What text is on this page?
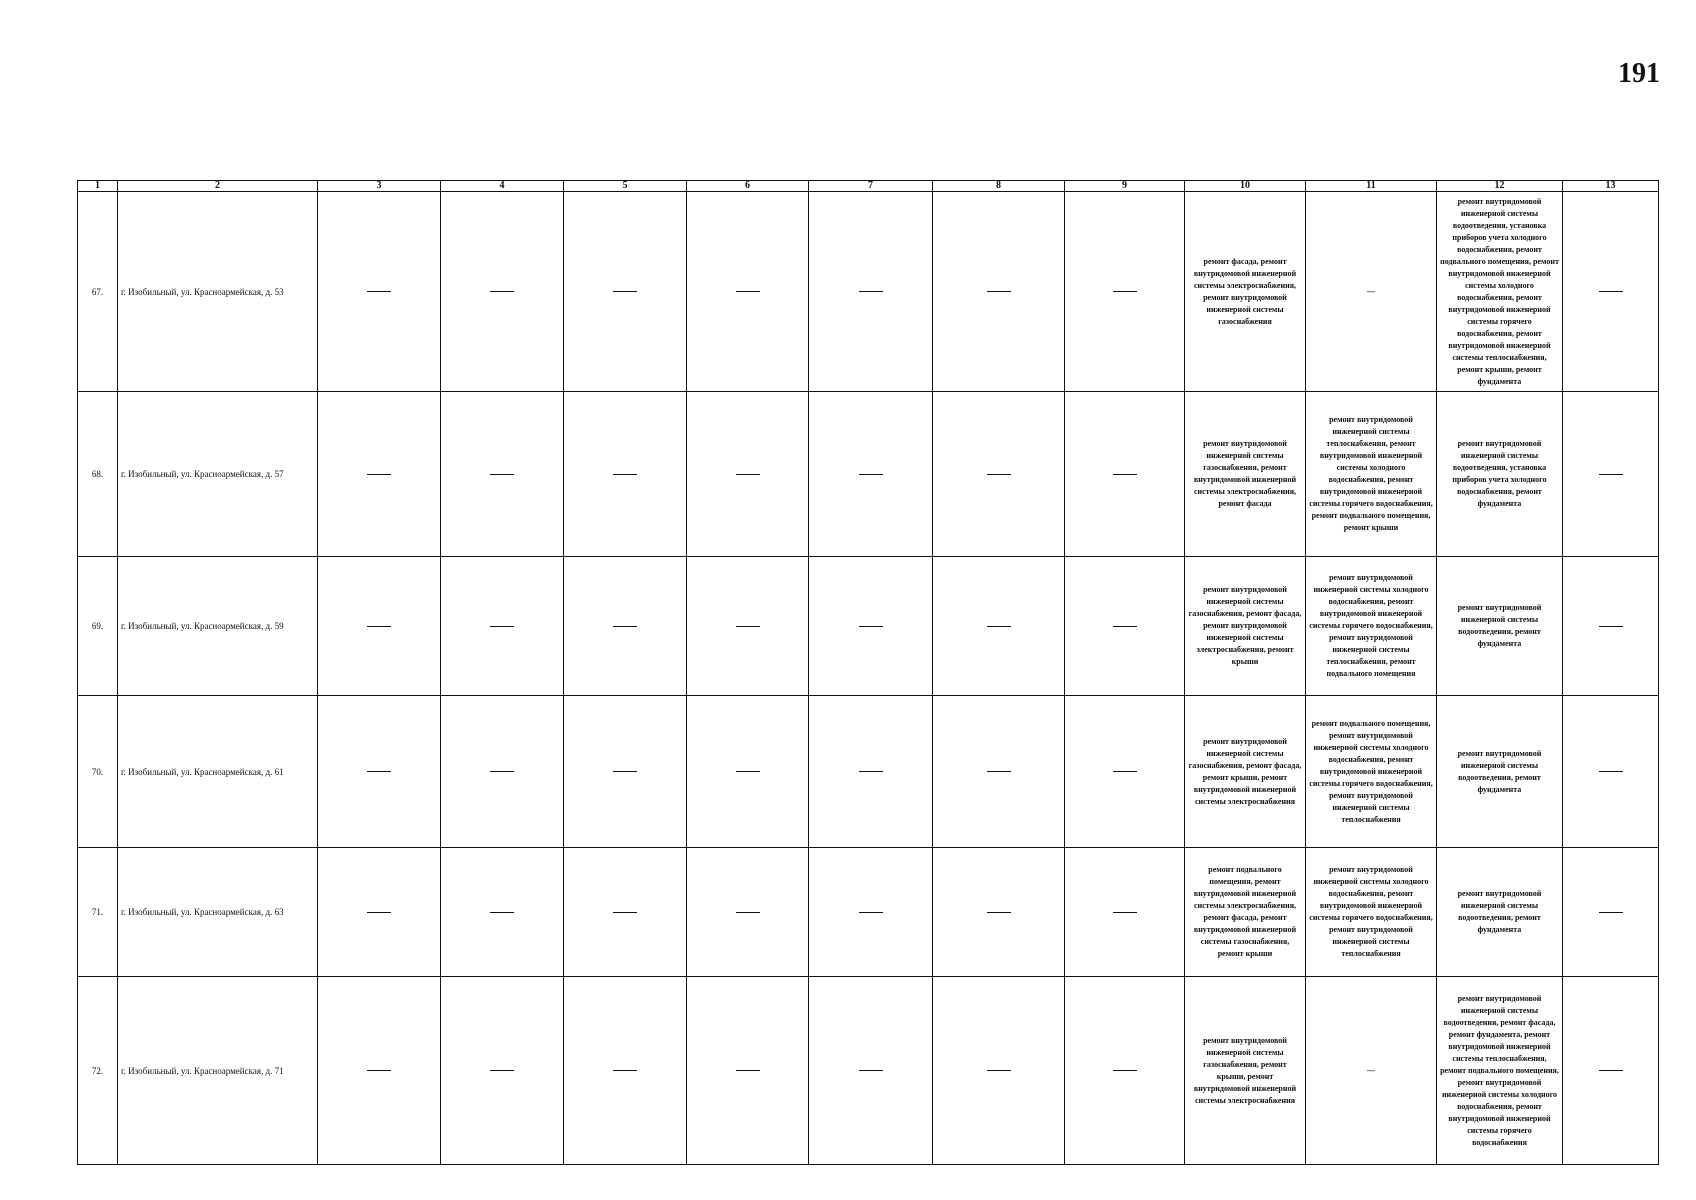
191
1	2	3	4	5	6	7	8	9	10	11	12	13
67.	г. Изобильный, ул. Красноармейская, д. 53								ремонт фасада, ремонт внутридомовой инженерной системы электроснабжения, ремонт внутридомовой инженерной системы газоснабжения	—	ремонт внутридомовой инженерной системы водоотведения, установка приборов учета холодного водоснабжения, ремонт подвального помещения, ремонт внутридомовой инженерной системы холодного водоснабжения, ремонт внутридомовой инженерной системы горячего водоснабжения, ремонт внутридомовой инженерной системы теплоснабжения, ремонт крыши, ремонт фундамента	
68.	г. Изобильный, ул. Красноармейская, д. 57								ремонт внутридомовой инженерной системы газоснабжения, ремонт внутридомовой инженерной системы электроснабжения, ремонт фасада	ремонт внутридомовой инженерной системы теплоснабжения, ремонт внутридомовой инженерной системы холодного водоснабжения, ремонт внутридомовой инженерной системы горячего водоснабжения, ремонт подвального помещения, ремонт крыши	ремонт внутридомовой инженерной системы водоотведения, установка приборов учета холодного водоснабжения, ремонт фундамента	
69.	г. Изобильный, ул. Красноармейская, д. 59								ремонт внутридомовой инженерной системы газоснабжения, ремонт фасада, ремонт внутридомовой инженерной системы электроснабжения, ремонт крыши	ремонт внутридомовой инженерной системы холодного водоснабжения, ремонт внутридомовой инженерной системы горячего водоснабжения, ремонт внутридомовой инженерной системы теплоснабжения, ремонт подвального помещения	ремонт внутридомовой инженерной системы водоотведения, ремонт фундамента	
70.	г. Изобильный, ул. Красноармейская, д. 61								ремонт внутридомовой инженерной системы газоснабжения, ремонт фасада, ремонт крыши, ремонт внутридомовой инженерной системы электроснабжения	ремонт подвального помещения, ремонт внутридомовой инженерной системы холодного водоснабжения, ремонт внутридомовой инженерной системы горячего водоснабжения, ремонт внутридомовой инженерной системы теплоснабжения	ремонт внутридомовой инженерной системы водоотведения, ремонт фундамента	
71.	г. Изобильный, ул. Красноармейская, д. 63								ремонт подвального помещения, ремонт внутридомовой инженерной системы электроснабжения, ремонт фасада, ремонт внутридомовой инженерной системы газоснабжения, ремонт крыши	ремонт внутридомовой инженерной системы холодного водоснабжения, ремонт внутридомовой инженерной системы горячего водоснабжения, ремонт внутридомовой инженерной системы теплоснабжения	ремонт внутридомовой инженерной системы водоотведения, ремонт фундамента	
72.	г. Изобильный, ул. Красноармейская, д. 71								ремонт внутридомовой инженерной системы газоснабжения, ремонт крыши, ремонт внутридомовой инженерной системы электроснабжения	—	ремонт внутридомовой инженерной системы водоотведения, ремонт фасада, ремонт фундамента, ремонт внутридомовой инженерной системы теплоснабжения, ремонт подвального помещения, ремонт внутридомовой инженерной системы холодного водоснабжения, ремонт внутридомовой инженерной системы горячего водоснабжения	
